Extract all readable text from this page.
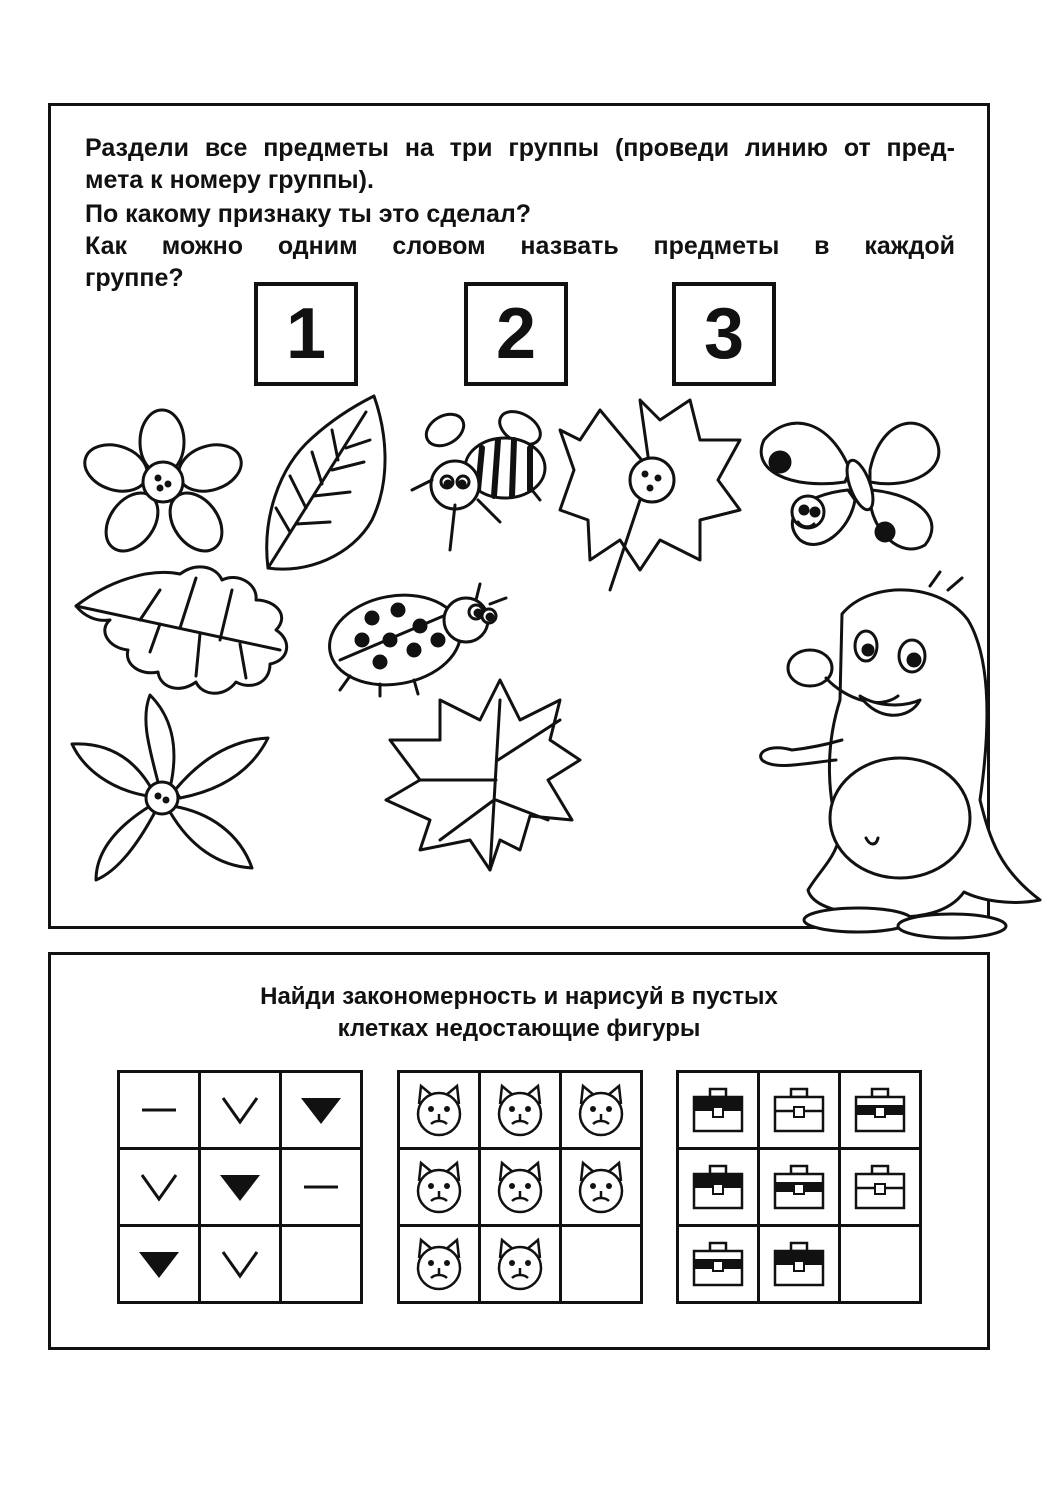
Раздели все предметы на три группы (проведи линию от пред-
мета к номеру группы).
По какому признаку ты это сделал?
Как можно одним словом назвать предметы в каждой
группе?
1	2	3
Найди закономерность и нарисуй в пустых
клетках недостающие фигуры
